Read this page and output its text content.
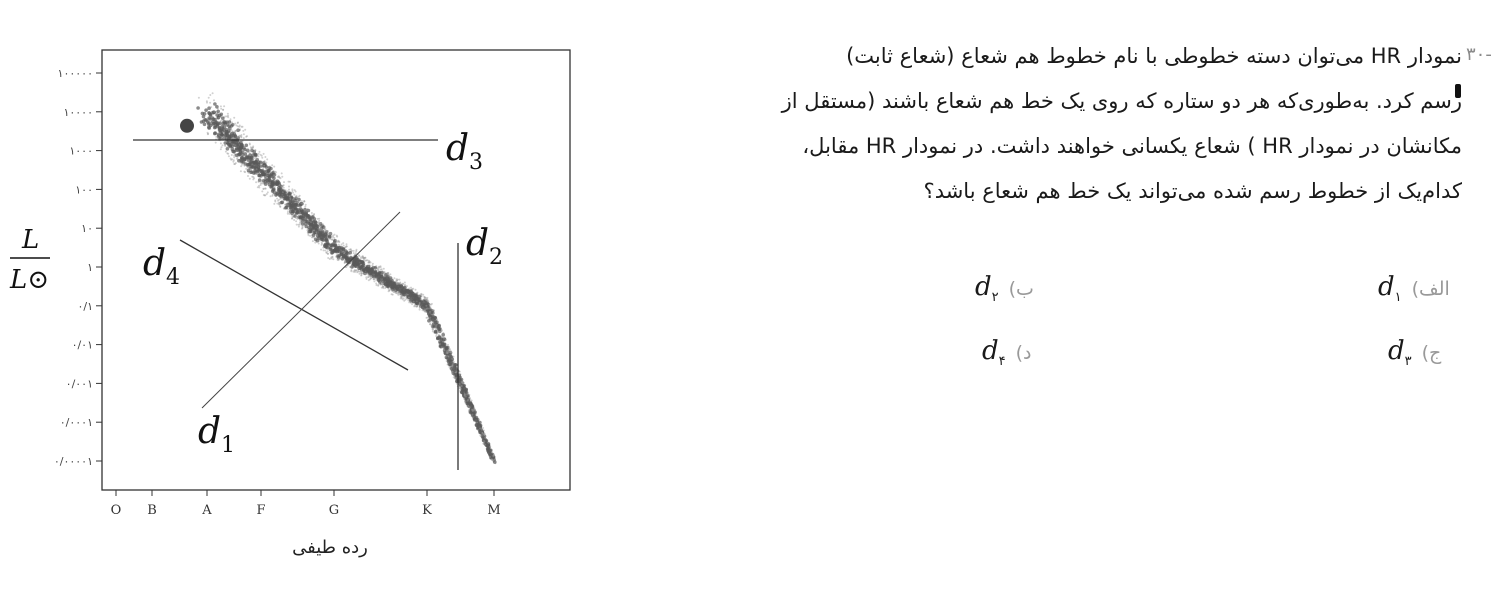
۱۰۰۰۰۰
۱۰۰۰۰
۱۰۰۰
۱۰۰
۱۰
۱
۰/۱
۰/۰۱
۰/۰۰۱
۰/۰۰۰۱
۰/۰۰۰۰۱
O B	A	F	G	K	M
$d_3$
$d_2$
$d_4$
$d_1$
L
L⊙
رده طیفی
۳۰-

نمودار HR می‌توان دسته خطوطی با نام خطوط هم شعاع (شعاع ثابت)

رسم کرد. به‌طوری‌که هر دو ستاره که روی یک خط هم شعاع باشند (مستقل از

مکانشان در نمودار HR ) شعاع یکسانی خواهند داشت. در نمودار HR مقابل،

کدام‌یک از خطوط رسم شده می‌تواند یک خط هم شعاع باشد؟

$الف)d_۱$
$ب)d_۲$
$ج)d_۳$
$د)d_۴$
